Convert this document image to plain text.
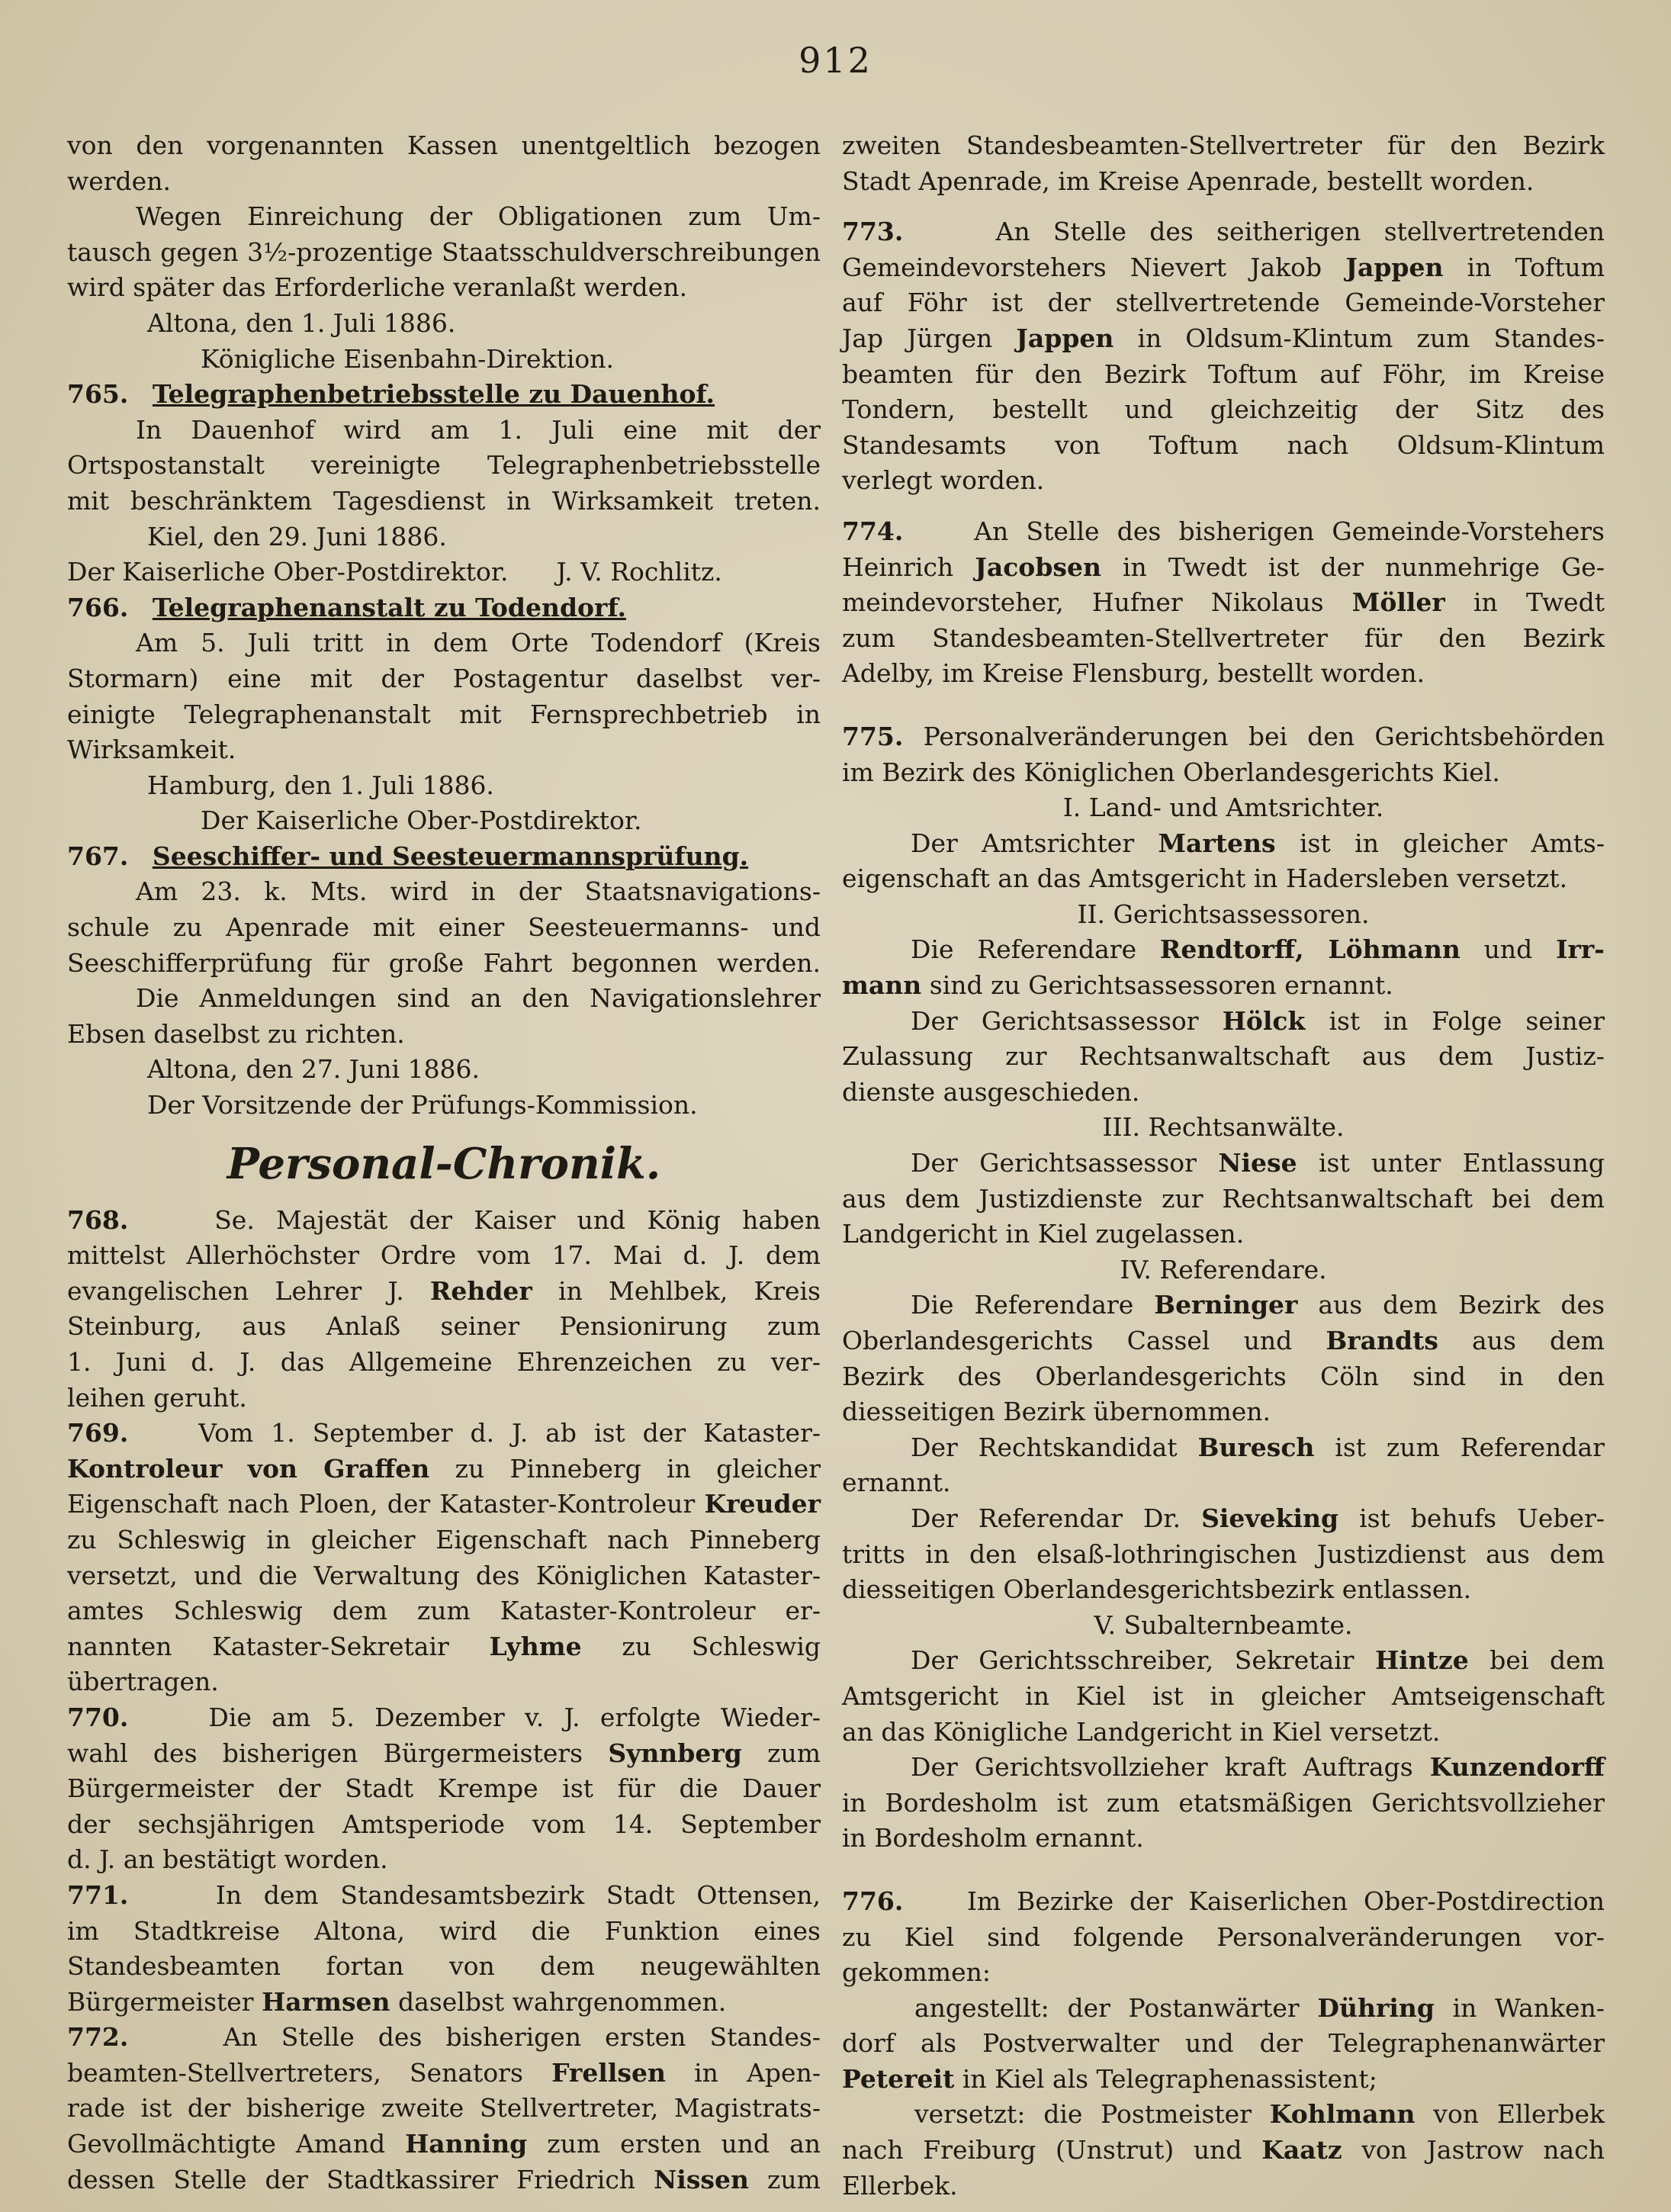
912

von den vorgenannten Kassen unentgeltlich bezogen

werden.

Wegen Einreichung der Obligationen zum Um-

tausch gegen 3½-prozentige Staatsschuldverschreibungen

wird später das Erforderliche veranlaßt werden.

Altona, den 1. Juli 1886.

Königliche Eisenbahn-Direktion.

765. Telegraphenbetriebsstelle zu Dauenhof.

In Dauenhof wird am 1. Juli eine mit der

Ortspostanstalt vereinigte Telegraphenbetriebsstelle

mit beschränktem Tagesdienst in Wirksamkeit treten.

Kiel, den 29. Juni 1886.

Der Kaiserliche Ober-Postdirektor. J. V. Rochlitz.

766. Telegraphenanstalt zu Todendorf.

Am 5. Juli tritt in dem Orte Todendorf (Kreis

Stormarn) eine mit der Postagentur daselbst ver-

einigte Telegraphenanstalt mit Fernsprechbetrieb in

Wirksamkeit.

Hamburg, den 1. Juli 1886.

Der Kaiserliche Ober-Postdirektor.

767. Seeschiffer- und Seesteuermannsprüfung.

Am 23. k. Mts. wird in der Staatsnavigations-

schule zu Apenrade mit einer Seesteuermanns- und

Seeschifferprüfung für große Fahrt begonnen werden.

Die Anmeldungen sind an den Navigationslehrer

Ebsen daselbst zu richten.

Altona, den 27. Juni 1886.

Der Vorsitzende der Prüfungs-Kommission.

Personal-Chronik.

768.	Se. Majestät der Kaiser und König haben

mittelst Allerhöchster Ordre vom 17. Mai d. J. dem

evangelischen Lehrer J. Rehder in Mehlbek, Kreis

Steinburg, aus Anlaß seiner Pensionirung zum

1. Juni d. J. das Allgemeine Ehrenzeichen zu ver-

leihen geruht.

769.	Vom 1. September d. J. ab ist der Kataster-

Kontroleur von Graffen zu Pinneberg in gleicher

Eigenschaft nach Ploen, der Kataster-Kontroleur Kreuder

zu Schleswig in gleicher Eigenschaft nach Pinneberg

versetzt, und die Verwaltung des Königlichen Kataster-

amtes Schleswig dem zum Kataster-Kontroleur er-

nannten Kataster-Sekretair Lyhme zu Schleswig

übertragen.

770.	Die am 5. Dezember v. J. erfolgte Wieder-

wahl des bisherigen Bürgermeisters Synnberg zum

Bürgermeister der Stadt Krempe ist für die Dauer

der sechsjährigen Amtsperiode vom 14. September

d. J. an bestätigt worden.

771.	In dem Standesamtsbezirk Stadt Ottensen,

im Stadtkreise Altona, wird die Funktion eines

Standesbeamten fortan von dem neugewählten

Bürgermeister Harmsen daselbst wahrgenommen.

772.	An Stelle des bisherigen ersten Standes-

beamten-Stellvertreters, Senators Frellsen in Apen-

rade ist der bisherige zweite Stellvertreter, Magistrats-

Gevollmächtigte Amand Hanning zum ersten und an

dessen Stelle der Stadtkassirer Friedrich Nissen zum

zweiten Standesbeamten-Stellvertreter für den Bezirk

Stadt Apenrade, im Kreise Apenrade, bestellt worden.

773.	An Stelle des seitherigen stellvertretenden

Gemeindevorstehers Nievert Jakob Jappen in Toftum

auf Föhr ist der stellvertretende Gemeinde-Vorsteher

Jap Jürgen Jappen in Oldsum-Klintum zum Standes-

beamten für den Bezirk Toftum auf Föhr, im Kreise

Tondern, bestellt und gleichzeitig der Sitz des

Standesamts von Toftum nach Oldsum-Klintum

verlegt worden.

774.	An Stelle des bisherigen Gemeinde-Vorstehers

Heinrich Jacobsen in Twedt ist der nunmehrige Ge-

meindevorsteher, Hufner Nikolaus Möller in Twedt

zum Standesbeamten-Stellvertreter für den Bezirk

Adelby, im Kreise Flensburg, bestellt worden.

775. Personalveränderungen bei den Gerichtsbehörden

im Bezirk des Königlichen Oberlandesgerichts Kiel.

I. Land- und Amtsrichter.

Der Amtsrichter Martens ist in gleicher Amts-

eigenschaft an das Amtsgericht in Hadersleben versetzt.

II. Gerichtsassessoren.

Die Referendare Rendtorff, Löhmann und Irr-

mann sind zu Gerichtsassessoren ernannt.

Der Gerichtsassessor Hölck ist in Folge seiner

Zulassung zur Rechtsanwaltschaft aus dem Justiz-

dienste ausgeschieden.

III. Rechtsanwälte.

Der Gerichtsassessor Niese ist unter Entlassung

aus dem Justizdienste zur Rechtsanwaltschaft bei dem

Landgericht in Kiel zugelassen.

IV. Referendare.

Die Referendare Berninger aus dem Bezirk des

Oberlandesgerichts Cassel und Brandts aus dem

Bezirk des Oberlandesgerichts Cöln sind in den

diesseitigen Bezirk übernommen.

Der Rechtskandidat Buresch ist zum Referendar

ernannt.

Der Referendar Dr. Sieveking ist behufs Ueber-

tritts in den elsaß-lothringischen Justizdienst aus dem

diesseitigen Oberlandesgerichtsbezirk entlassen.

V. Subalternbeamte.

Der Gerichtsschreiber, Sekretair Hintze bei dem

Amtsgericht in Kiel ist in gleicher Amtseigenschaft

an das Königliche Landgericht in Kiel versetzt.

Der Gerichtsvollzieher kraft Auftrags Kunzendorff

in Bordesholm ist zum etatsmäßigen Gerichtsvollzieher

in Bordesholm ernannt.

776.	Im Bezirke der Kaiserlichen Ober-Postdirection

zu Kiel sind folgende Personalveränderungen vor-

gekommen:

angestellt: der Postanwärter Dühring in Wanken-

dorf als Postverwalter und der Telegraphenanwärter

Petereit in Kiel als Telegraphenassistent;

versetzt: die Postmeister Kohlmann von Ellerbek

nach Freiburg (Unstrut) und Kaatz von Jastrow nach

Ellerbek.
